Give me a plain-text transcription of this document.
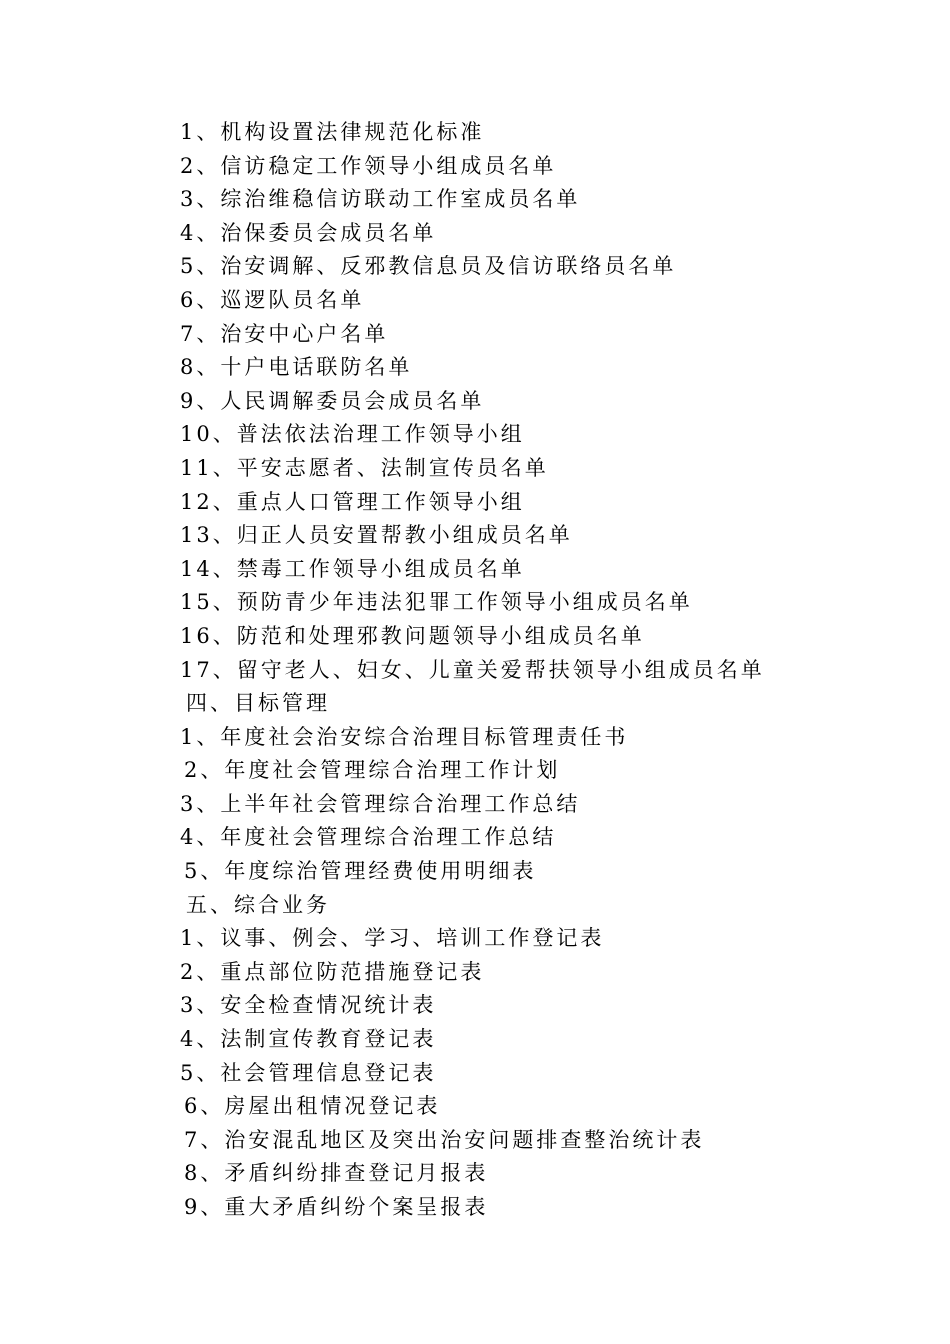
1、机构设置法律规范化标准
2、信访稳定工作领导小组成员名单
3、综治维稳信访联动工作室成员名单
4、治保委员会成员名单
5、治安调解、反邪教信息员及信访联络员名单
6、巡逻队员名单
7、治安中心户名单
8、十户电话联防名单
9、人民调解委员会成员名单
10、普法依法治理工作领导小组
11、平安志愿者、法制宣传员名单
12、重点人口管理工作领导小组
13、归正人员安置帮教小组成员名单
14、禁毒工作领导小组成员名单
15、预防青少年违法犯罪工作领导小组成员名单
16、防范和处理邪教问题领导小组成员名单
17、留守老人、妇女、儿童关爱帮扶领导小组成员名单
四、目标管理
1、年度社会治安综合治理目标管理责任书
2、年度社会管理综合治理工作计划
3、上半年社会管理综合治理工作总结
4、年度社会管理综合治理工作总结
5、年度综治管理经费使用明细表
五、综合业务
1、议事、例会、学习、培训工作登记表
2、重点部位防范措施登记表
3、安全检查情况统计表
4、法制宣传教育登记表
5、社会管理信息登记表
6、房屋出租情况登记表
7、治安混乱地区及突出治安问题排查整治统计表
8、矛盾纠纷排查登记月报表
9、重大矛盾纠纷个案呈报表
